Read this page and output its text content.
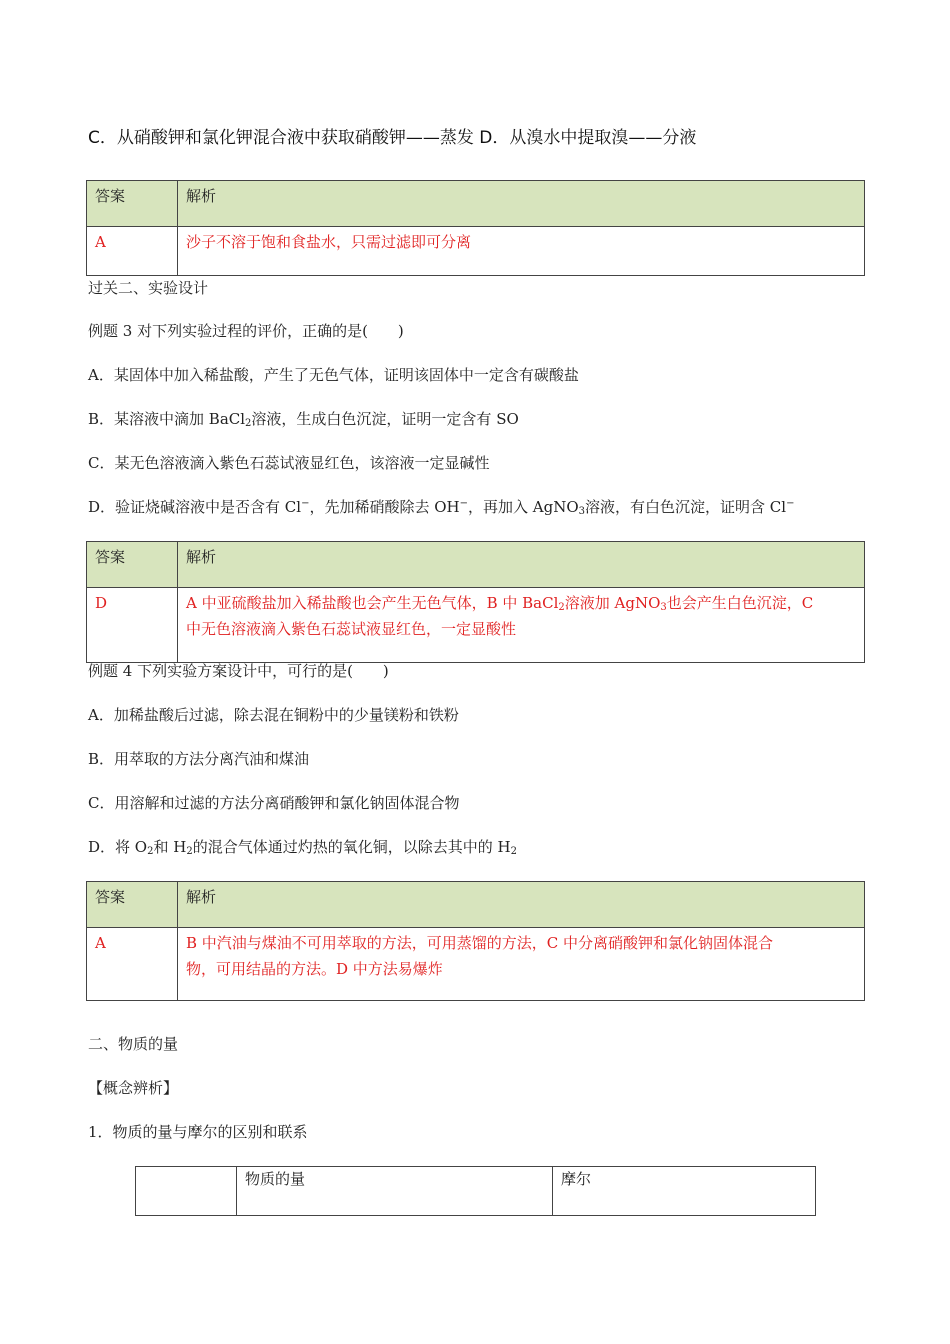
C．从硝酸钾和氯化钾混合液中获取硝酸钾——蒸发 D．从溴水中提取溴——分液
答案	解析
A	沙子不溶于饱和食盐水，只需过滤即可分离
过关二、实验设计
例题 3 对下列实验过程的评价，正确的是(　　)
A．某固体中加入稀盐酸，产生了无色气体，证明该固体中一定含有碳酸盐
B．某溶液中滴加 BaCl$_2$溶液，生成白色沉淀，证明一定含有 SO
C．某无色溶液滴入紫色石蕊试液显红色，该溶液一定显碱性
D．验证烧碱溶液中是否含有 Cl−，先加稀硝酸除去 OH−，再加入 AgNO$_3$溶液，有白色沉淀，证明含 Cl−
答案	解析
D	A 中亚硫酸盐加入稀盐酸也会产生无色气体，B 中 BaCl$_2$溶液加 AgNO$_3$也会产生白色沉淀，C
中无色溶液滴入紫色石蕊试液显红色，一定显酸性
例题 4 下列实验方案设计中，可行的是(　　)
A．加稀盐酸后过滤，除去混在铜粉中的少量镁粉和铁粉
B．用萃取的方法分离汽油和煤油
C．用溶解和过滤的方法分离硝酸钾和氯化钠固体混合物
D．将 $O_2$和 $H_2$的混合气体通过灼热的氧化铜，以除去其中的 $H_2$
答案	解析
A	B 中汽油与煤油不可用萃取的方法，可用蒸馏的方法，C 中分离硝酸钾和氯化钠固体混合
物，可用结晶的方法。D 中方法易爆炸
二、物质的量
【概念辨析】
1．物质的量与摩尔的区别和联系
	物质的量	摩尔
